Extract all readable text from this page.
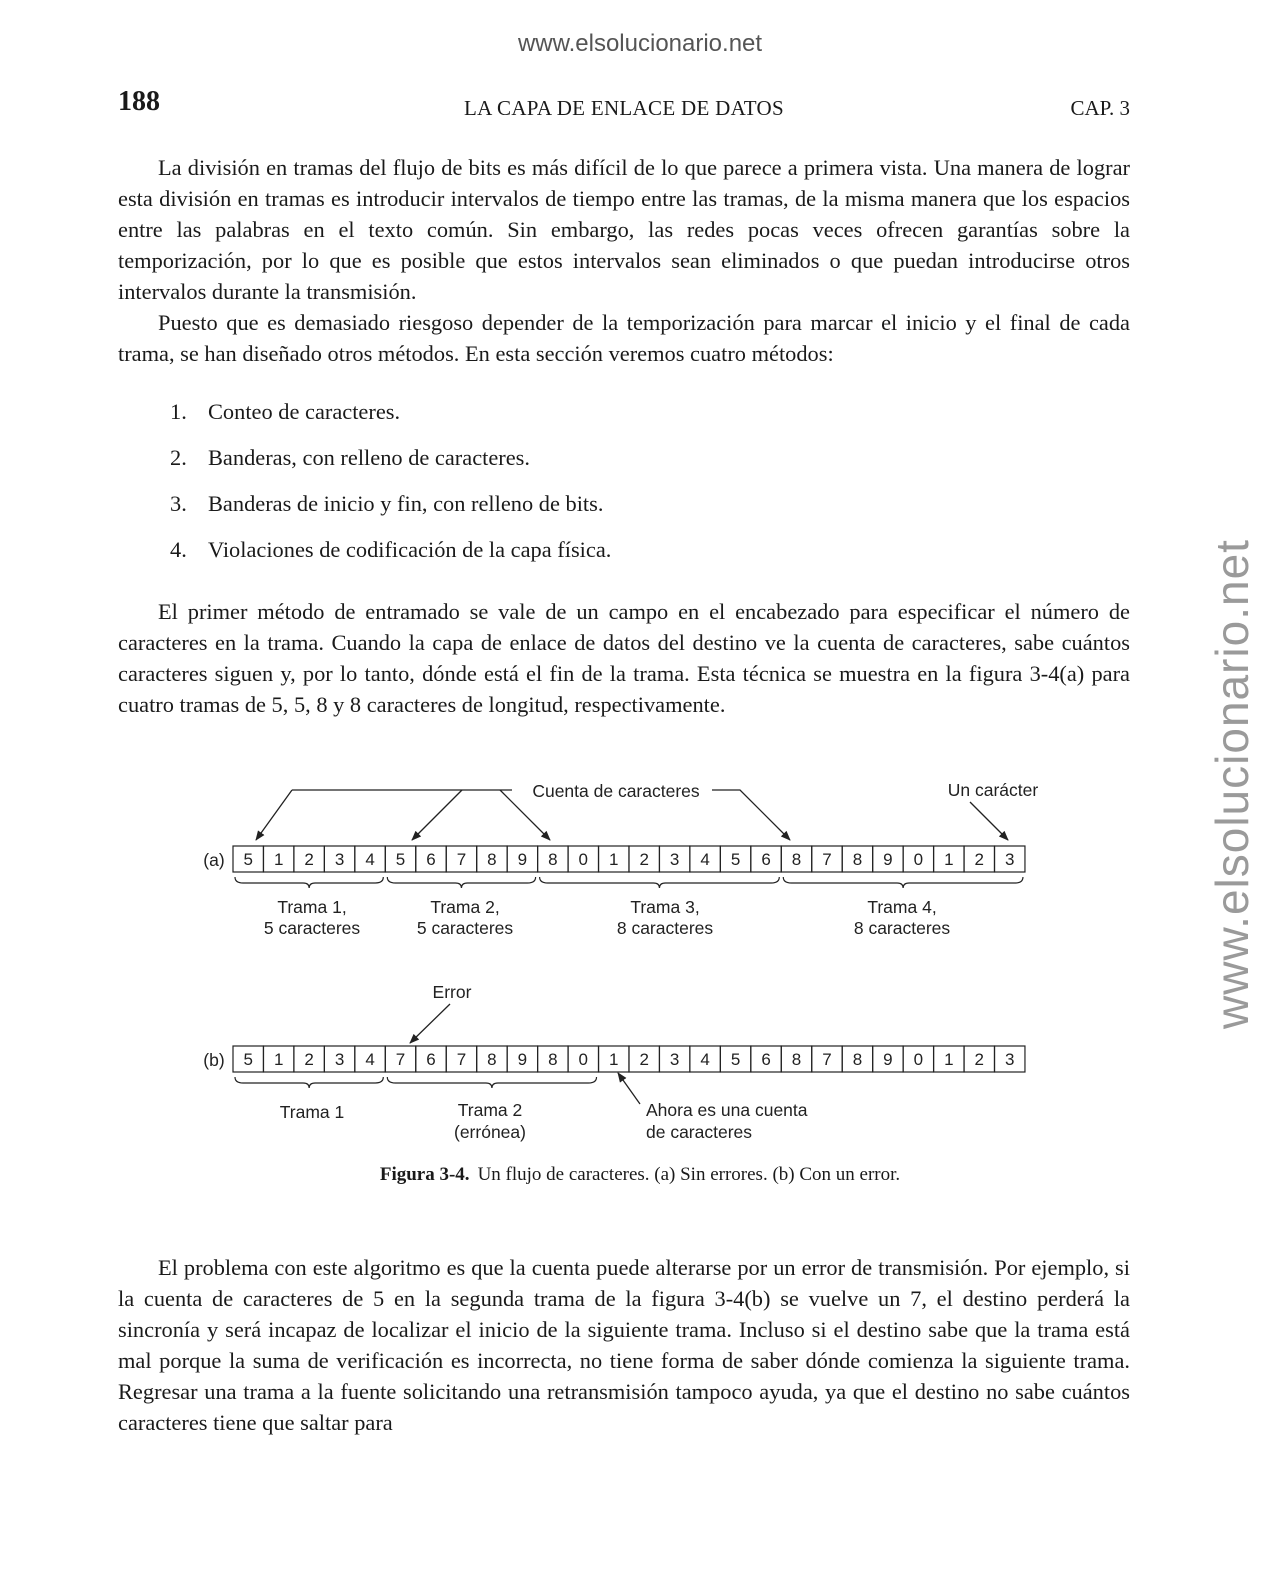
www.elsolucionario.net
www.elsolucionario.net
188	LA CAPA DE ENLACE DE DATOS	CAP. 3

La división en tramas del flujo de bits es más difícil de lo que parece a primera vista. Una manera de lograr esta división en tramas es introducir intervalos de tiempo entre las tramas, de la misma manera que los espacios entre las palabras en el texto común. Sin embargo, las redes pocas veces ofrecen garantías sobre la temporización, por lo que es posible que estos intervalos sean eliminados o que puedan introducirse otros intervalos durante la transmisión.

Puesto que es demasiado riesgoso depender de la temporización para marcar el inicio y el final de cada trama, se han diseñado otros métodos. En esta sección veremos cuatro métodos:

1. Conteo de caracteres.
2. Banderas, con relleno de caracteres.
3. Banderas de inicio y fin, con relleno de bits.
4. Violaciones de codificación de la capa física.

El primer método de entramado se vale de un campo en el encabezado para especificar el número de caracteres en la trama. Cuando la capa de enlace de datos del destino ve la cuenta de caracteres, sabe cuántos caracteres siguen y, por lo tanto, dónde está el fin de la trama. Esta técnica se muestra en la figura 3-4(a) para cuatro tramas de 5, 5, 8 y 8 caracteres de longitud, respectivamente.

Cuenta de caracteres	Un carácter
(a) 5 1 2 3 4 5 6 7 8 9 8 0 1 2 3 4 5 6 8 7 8 9 0 1 2 3
Trama 1,
5 caracteres
Trama 2,
5 caracteres
Trama 3,
8 caracteres
Trama 4,
8 caracteres
Error
(b) 5 1 2 3 4 7 6 7 8 9 8 0 1 2 3 4 5 6 8 7 8 9 0 1 2 3
Trama 1	Trama 2
(errónea)
Ahora es una cuenta
de caracteres
Figura 3-4. Un flujo de caracteres. (a) Sin errores. (b) Con un error.

El problema con este algoritmo es que la cuenta puede alterarse por un error de transmisión. Por ejemplo, si la cuenta de caracteres de 5 en la segunda trama de la figura 3-4(b) se vuelve un 7, el destino perderá la sincronía y será incapaz de localizar el inicio de la siguiente trama. Incluso si el destino sabe que la trama está mal porque la suma de verificación es incorrecta, no tiene forma de saber dónde comienza la siguiente trama. Regresar una trama a la fuente solicitando una retransmisión tampoco ayuda, ya que el destino no sabe cuántos caracteres tiene que saltar para
